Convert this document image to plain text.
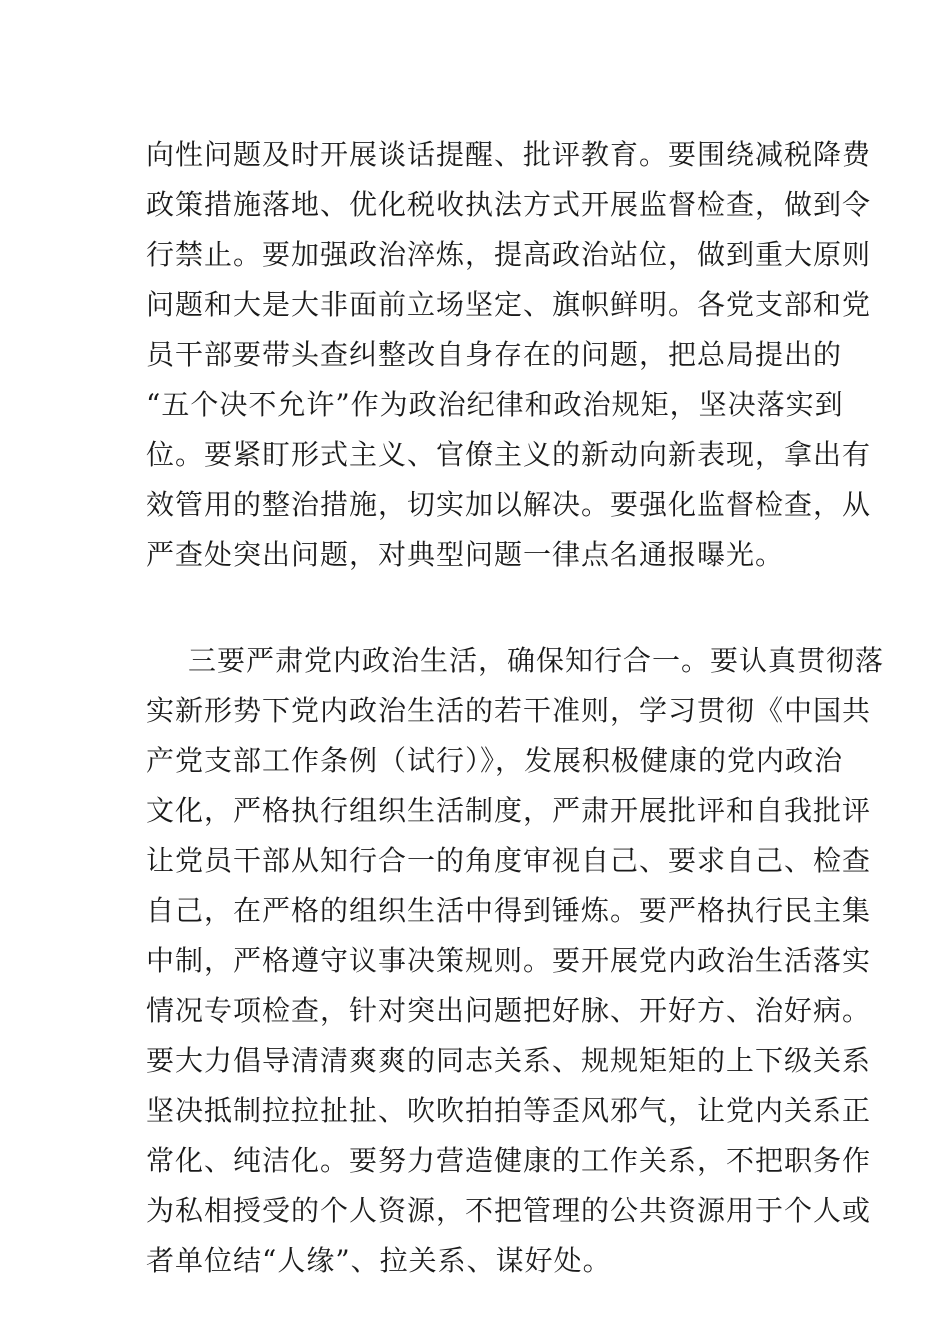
向性问题及时开展谈话提醒、批评教育。要围绕减税降费
政策措施落地、优化税收执法方式开展监督检查，做到令
行禁止。要加强政治淬炼，提高政治站位，做到重大原则
问题和大是大非面前立场坚定、旗帜鲜明。各党支部和党
员干部要带头查纠整改自身存在的问题，把总局提出的
“五个决不允许”作为政治纪律和政治规矩，坚决落实到
位。要紧盯形式主义、官僚主义的新动向新表现，拿出有
效管用的整治措施，切实加以解决。要强化监督检查，从
严查处突出问题，对典型问题一律点名通报曝光。
三要严肃党内政治生活，确保知行合一。要认真贯彻落
实新形势下党内政治生活的若干准则，学习贯彻《中国共
产党支部工作条例（试行）》，发展积极健康的党内政治
文化，严格执行组织生活制度，严肃开展批评和自我批评
让党员干部从知行合一的角度审视自己、要求自己、检查
自己，在严格的组织生活中得到锤炼。要严格执行民主集
中制，严格遵守议事决策规则。要开展党内政治生活落实
情况专项检查，针对突出问题把好脉、开好方、治好病。
要大力倡导清清爽爽的同志关系、规规矩矩的上下级关系
坚决抵制拉拉扯扯、吹吹拍拍等歪风邪气，让党内关系正
常化、纯洁化。要努力营造健康的工作关系，不把职务作
为私相授受的个人资源，不把管理的公共资源用于个人或
者单位结“人缘”、拉关系、谋好处。
